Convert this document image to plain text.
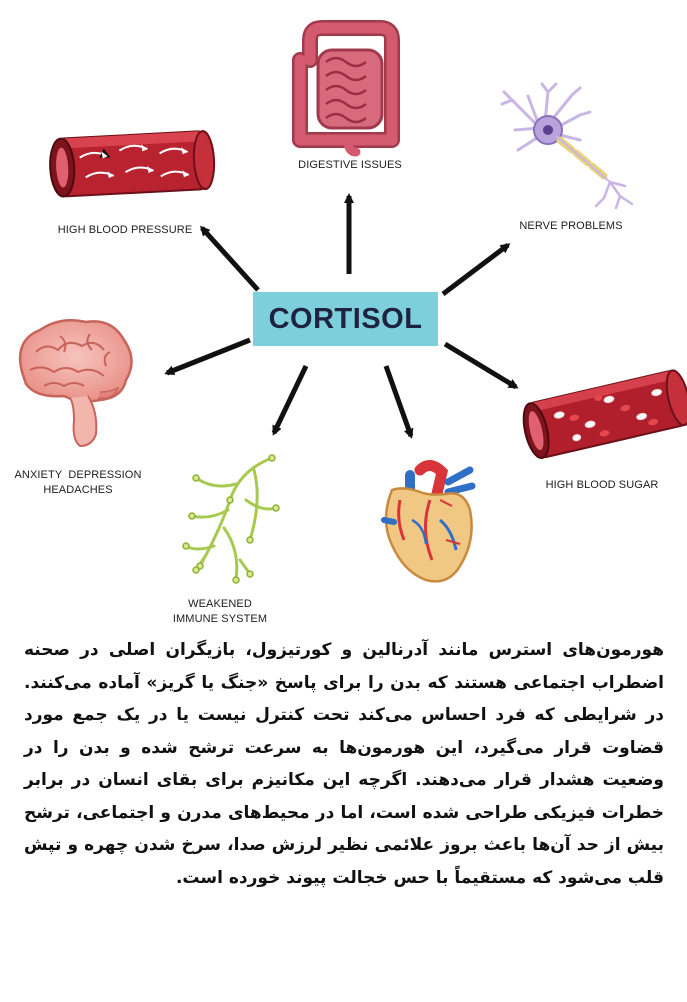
CORTISOL
DIGESTIVE ISSUES
HIGH BLOOD PRESSURE	NERVE PROBLEMS
ANXIETY  DEPRESSION
HEADACHES
WEAKENED
IMMUNE SYSTEM
HIGH BLOOD SUGAR

هورمون‌های استرس مانند آدرنالین و کورتیزول، بازیگران اصلی در صحنه اضطراب اجتماعی هستند که بدن را برای پاسخ «جنگ یا گریز» آماده می‌کنند. در شرایطی که فرد احساس می‌کند تحت کنترل نیست یا در یک جمع مورد قضاوت قرار می‌گیرد، این هورمون‌ها به سرعت ترشح شده و بدن را در وضعیت هشدار قرار می‌دهند. اگرچه این مکانیزم برای بقای انسان در برابر خطرات فیزیکی طراحی شده است، اما در محیط‌های مدرن و اجتماعی، ترشح بیش از حد آن‌ها باعث بروز علائمی نظیر لرزش صدا، سرخ شدن چهره و تپش قلب می‌شود که مستقیماً با حس خجالت پیوند خورده است.
